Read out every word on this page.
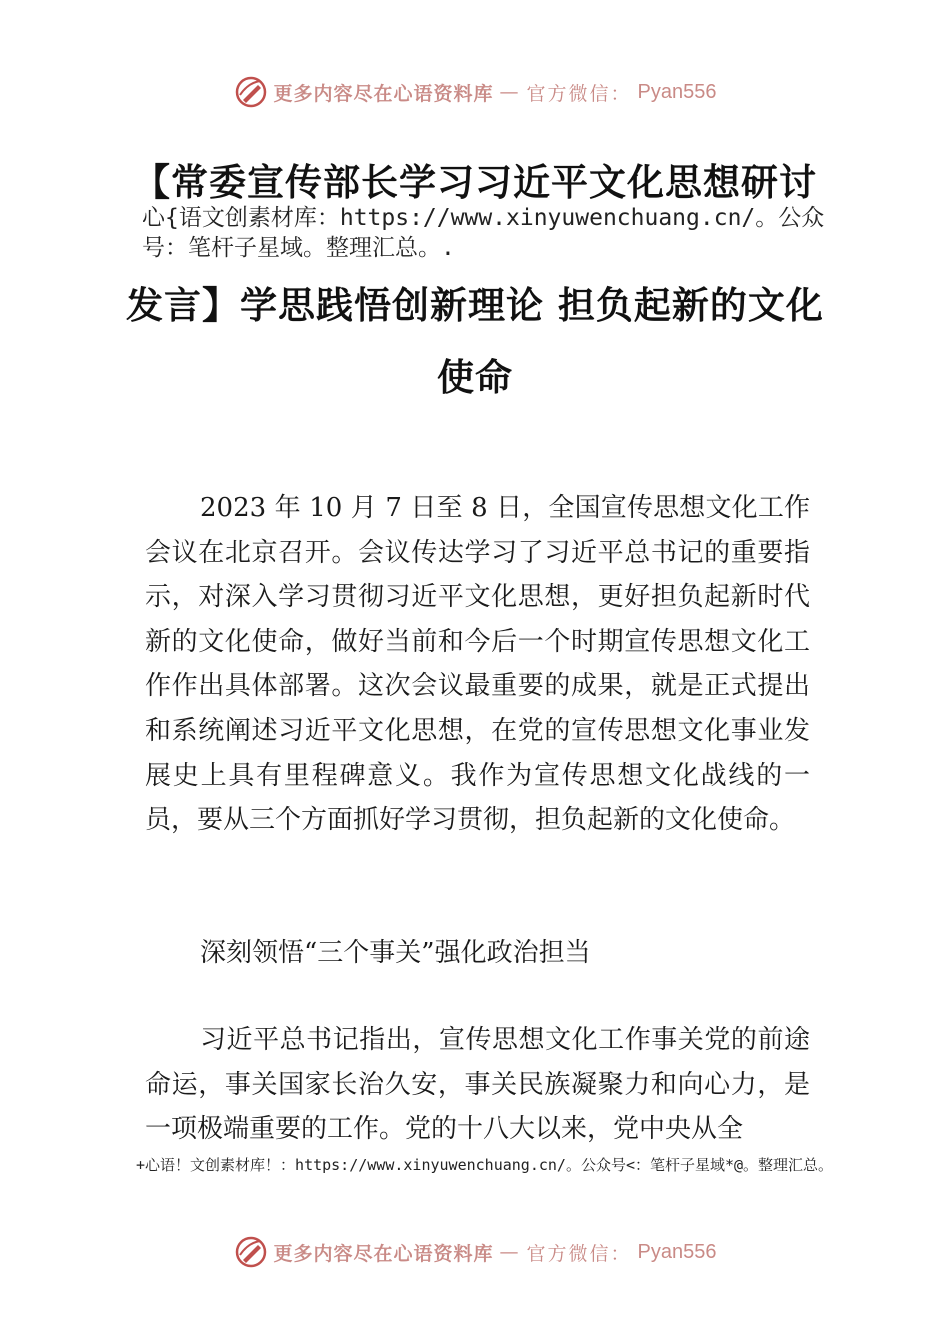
更多内容尽在心语资料库 — 官方微信： Pyan556
【常委宣传部长学习习近平文化思想研讨
心{语文创素材库：https://www.xinyuwenchuang.cn/。公众号：笔杆子星域。整理汇总。.
发言】学思践悟创新理论 担负起新的文化
使命
2023 年 10 月 7 日至 8 日，全国宣传思想文化工作会议在北京召开。会议传达学习了习近平总书记的重要指示，对深入学习贯彻习近平文化思想，更好担负起新时代新的文化使命，做好当前和今后一个时期宣传思想文化工作作出具体部署。这次会议最重要的成果，就是正式提出和系统阐述习近平文化思想，在党的宣传思想文化事业发展史上具有里程碑意义。我作为宣传思想文化战线的一员，要从三个方面抓好学习贯彻，担负起新的文化使命。
深刻领悟“三个事关”强化政治担当
习近平总书记指出，宣传思想文化工作事关党的前途命运，事关国家长治久安，事关民族凝聚力和向心力，是一项极端重要的工作。党的十八大以来，党中央从全
+心语！文创素材库！：https://www.xinyuwenchuang.cn/。公众号<：笔杆子星域*@。整理汇总。
更多内容尽在心语资料库 — 官方微信： Pyan556
